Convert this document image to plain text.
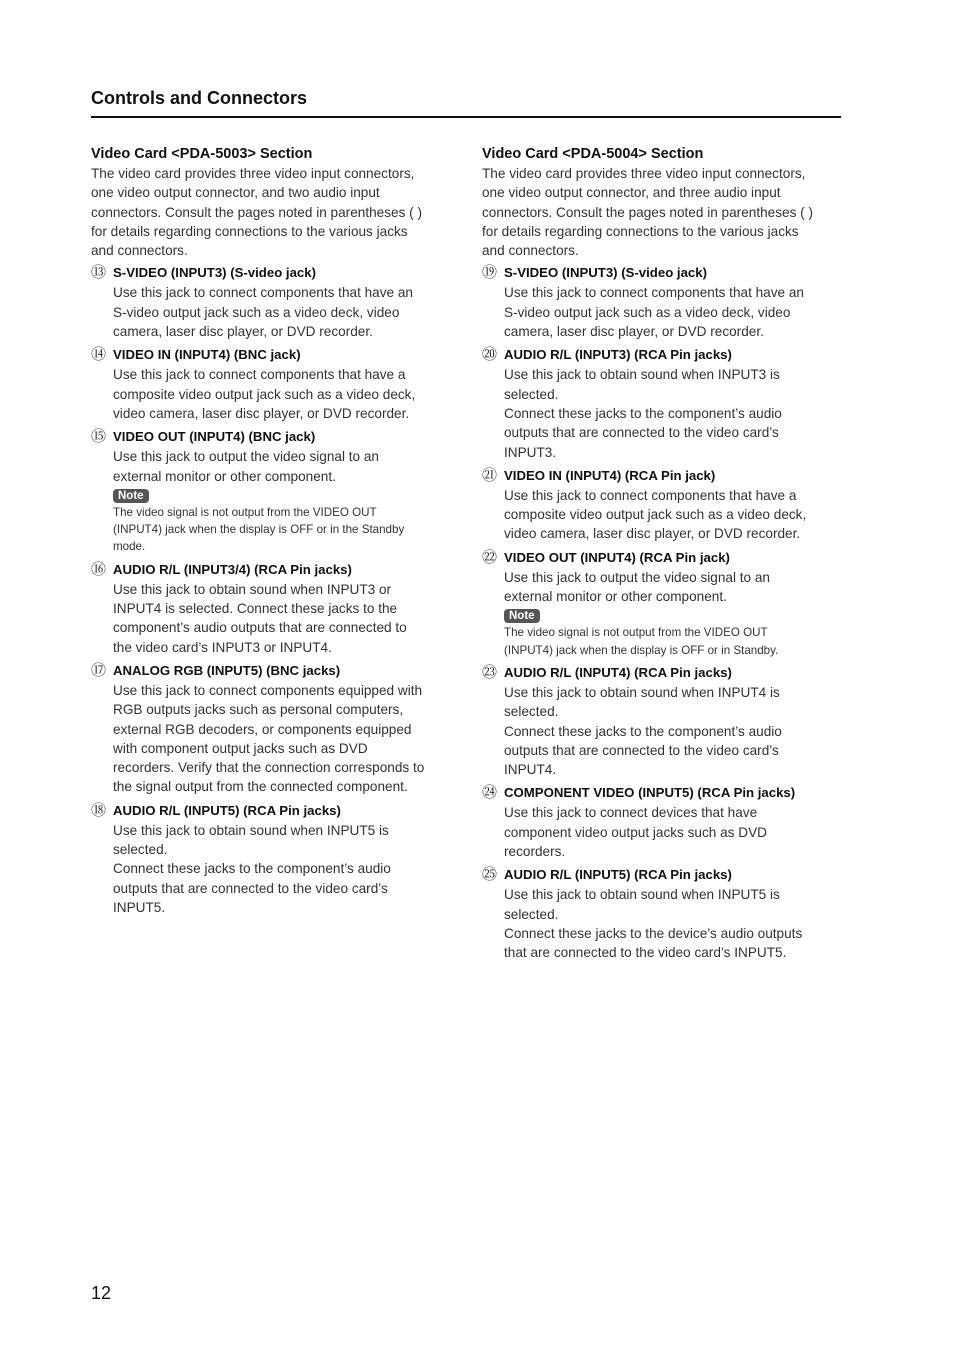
Controls and Connectors
Video Card <PDA-5003> Section
The video card provides three video input connectors,
one video output connector, and two audio input
connectors. Consult the pages noted in parentheses ( )
for details regarding connections to the various jacks
and connectors.
⑬ S-VIDEO (INPUT3) (S-video jack)
Use this jack to connect components that have an
S-video output jack such as a video deck, video
camera, laser disc player, or DVD recorder.
⑭ VIDEO IN (INPUT4) (BNC jack)
Use this jack to connect components that have a
composite video output jack such as a video deck,
video camera, laser disc player, or DVD recorder.
⑮ VIDEO OUT (INPUT4) (BNC jack)
Use this jack to output the video signal to an
external monitor or other component.
Note
The video signal is not output from the VIDEO OUT
(INPUT4) jack when the display is OFF or in the Standby
mode.
⑯ AUDIO R/L (INPUT3/4) (RCA Pin jacks)
Use this jack to obtain sound when INPUT3 or
INPUT4 is selected. Connect these jacks to the
component’s audio outputs that are connected to
the video card’s INPUT3 or INPUT4.
⑰ ANALOG RGB (INPUT5) (BNC jacks)
Use this jack to connect components equipped with
RGB outputs jacks such as personal computers,
external RGB decoders, or components equipped
with component output jacks such as DVD
recorders. Verify that the connection corresponds to
the signal output from the connected component.
⑱ AUDIO R/L (INPUT5) (RCA Pin jacks)
Use this jack to obtain sound when INPUT5 is
selected.
Connect these jacks to the component’s audio
outputs that are connected to the video card’s
INPUT5.
Video Card <PDA-5004> Section
The video card provides three video input connectors,
one video output connector, and three audio input
connectors. Consult the pages noted in parentheses ( )
for details regarding connections to the various jacks
and connectors.
⑲ S-VIDEO (INPUT3) (S-video jack)
Use this jack to connect components that have an
S-video output jack such as a video deck, video
camera, laser disc player, or DVD recorder.
⑳ AUDIO R/L (INPUT3) (RCA Pin jacks)
Use this jack to obtain sound when INPUT3 is
selected.
Connect these jacks to the component’s audio
outputs that are connected to the video card’s
INPUT3.
㉑ VIDEO IN (INPUT4) (RCA Pin jack)
Use this jack to connect components that have a
composite video output jack such as a video deck,
video camera, laser disc player, or DVD recorder.
㉒ VIDEO OUT (INPUT4) (RCA Pin jack)
Use this jack to output the video signal to an
external monitor or other component.
Note
The video signal is not output from the VIDEO OUT
(INPUT4) jack when the display is OFF or in Standby.
㉓ AUDIO R/L (INPUT4) (RCA Pin jacks)
Use this jack to obtain sound when INPUT4 is
selected.
Connect these jacks to the component’s audio
outputs that are connected to the video card’s
INPUT4.
㉔ COMPONENT VIDEO (INPUT5) (RCA Pin jacks)
Use this jack to connect devices that have
component video output jacks such as DVD
recorders.
㉕ AUDIO R/L (INPUT5) (RCA Pin jacks)
Use this jack to obtain sound when INPUT5 is
selected.
Connect these jacks to the device’s audio outputs
that are connected to the video card’s INPUT5.
12
